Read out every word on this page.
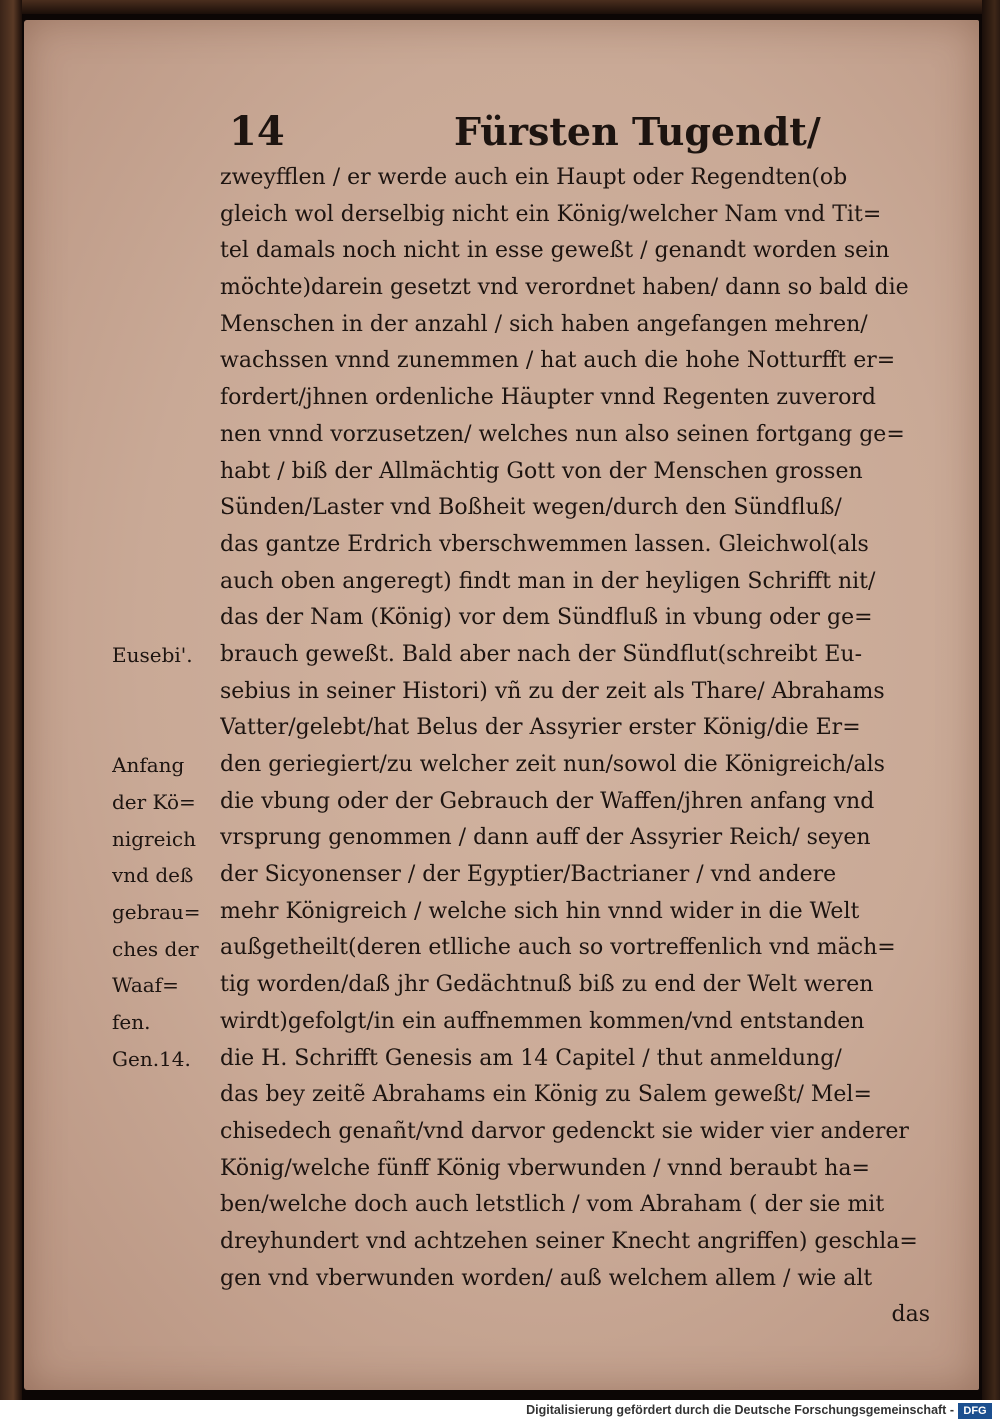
14	Fürsten Tugendt/
Eusebi'.
Anfang
der Kö=
nigreich
vnd deß
gebrau=
ches der
Waaf=
fen.
Gen.14.
zweyfflen / er werde auch ein Haupt oder Regendten(ob
gleich wol derselbig nicht ein König/welcher Nam vnd Tit=
tel damals noch nicht in esse geweßt / genandt worden sein
möchte)darein gesetzt vnd verordnet haben/ dann so bald die
Menschen in der anzahl / sich haben angefangen mehren/
wachssen vnnd zunemmen / hat auch die hohe Notturfft er=
fordert/jhnen ordenliche Häupter vnnd Regenten zuverord
nen vnnd vorzusetzen/ welches nun also seinen fortgang ge=
habt / biß der Allmächtig Gott von der Menschen grossen
Sünden/Laster vnd Boßheit wegen/durch den Sündfluß/
das gantze Erdrich vberschwemmen lassen. Gleichwol(als
auch oben angeregt) findt man in der heyligen Schrifft nit/
das der Nam (König) vor dem Sündfluß in vbung oder ge=
brauch geweßt. Bald aber nach der Sündflut(schreibt Eu-
sebius in seiner Histori) vñ zu der zeit als Thare/ Abrahams
Vatter/gelebt/hat Belus der Assyrier erster König/die Er=
den geriegiert/zu welcher zeit nun/sowol die Königreich/als
die vbung oder der Gebrauch der Waffen/jhren anfang vnd
vrsprung genommen / dann auff der Assyrier Reich/ seyen
der Sicyonenser / der Egyptier/Bactrianer / vnd andere
mehr Königreich / welche sich hin vnnd wider in die Welt
außgetheilt(deren etlliche auch so vortreffenlich vnd mäch=
tig worden/daß jhr Gedächtnuß biß zu end der Welt weren
wirdt)gefolgt/in ein auffnemmen kommen/vnd entstanden
die H. Schrifft Genesis am 14 Capitel / thut anmeldung/
das bey zeitẽ Abrahams ein König zu Salem geweßt/ Mel=
chisedech genañt/vnd darvor gedenckt sie wider vier anderer
König/welche fünff König vberwunden / vnnd beraubt ha=
ben/welche doch auch letstlich / vom Abraham ( der sie mit
dreyhundert vnd achtzehen seiner Knecht angriffen) geschla=
gen vnd vberwunden worden/ auß welchem allem / wie alt
das
Digitalisierung gefördert durch die Deutsche Forschungsgemeinschaft - DFG
